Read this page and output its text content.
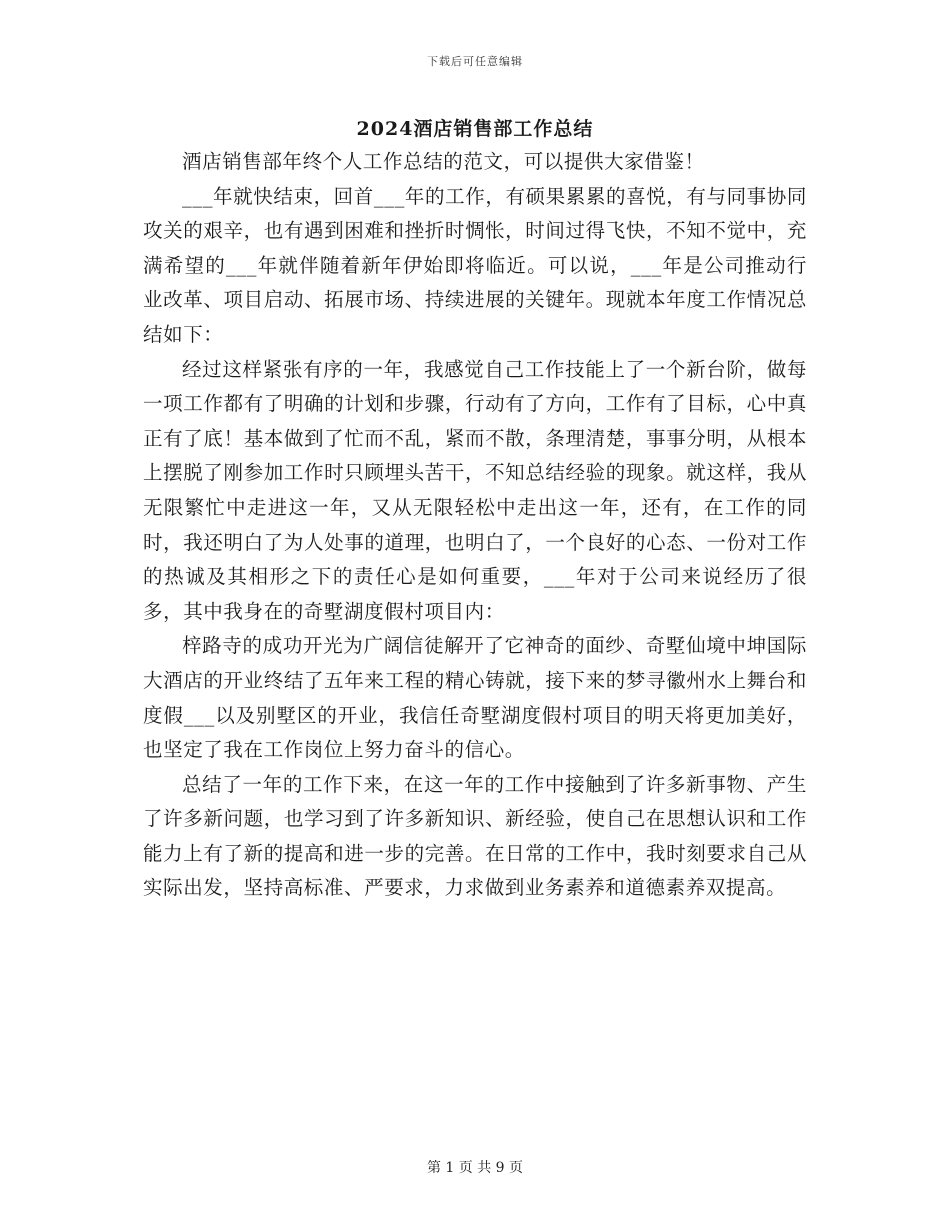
下载后可任意编辑
2024酒店销售部工作总结

酒店销售部年终个人工作总结的范文，可以提供大家借鉴！

___年就快结束，回首___年的工作，有硕果累累的喜悦，有与同事协同攻关的艰辛，也有遇到困难和挫折时惆怅，时间过得飞快，不知不觉中，充满希望的___年就伴随着新年伊始即将临近。可以说，___年是公司推动行业改革、项目启动、拓展市场、持续进展的关键年。现就本年度工作情况总结如下：

经过这样紧张有序的一年，我感觉自己工作技能上了一个新台阶，做每一项工作都有了明确的计划和步骤，行动有了方向，工作有了目标，心中真正有了底！基本做到了忙而不乱，紧而不散，条理清楚，事事分明，从根本上摆脱了刚参加工作时只顾埋头苦干，不知总结经验的现象。就这样，我从无限繁忙中走进这一年，又从无限轻松中走出这一年，还有，在工作的同时，我还明白了为人处事的道理，也明白了，一个良好的心态、一份对工作的热诚及其相形之下的责任心是如何重要，___年对于公司来说经历了很多，其中我身在的奇墅湖度假村项目内：

梓路寺的成功开光为广阔信徒解开了它神奇的面纱、奇墅仙境中坤国际大酒店的开业终结了五年来工程的精心铸就，接下来的梦寻徽州水上舞台和度假___以及别墅区的开业，我信任奇墅湖度假村项目的明天将更加美好，也坚定了我在工作岗位上努力奋斗的信心。

总结了一年的工作下来，在这一年的工作中接触到了许多新事物、产生了许多新问题，也学习到了许多新知识、新经验，使自己在思想认识和工作能力上有了新的提高和进一步的完善。在日常的工作中，我时刻要求自己从实际出发，坚持高标准、严要求，力求做到业务素养和道德素养双提高。

第 1 页 共 9 页
